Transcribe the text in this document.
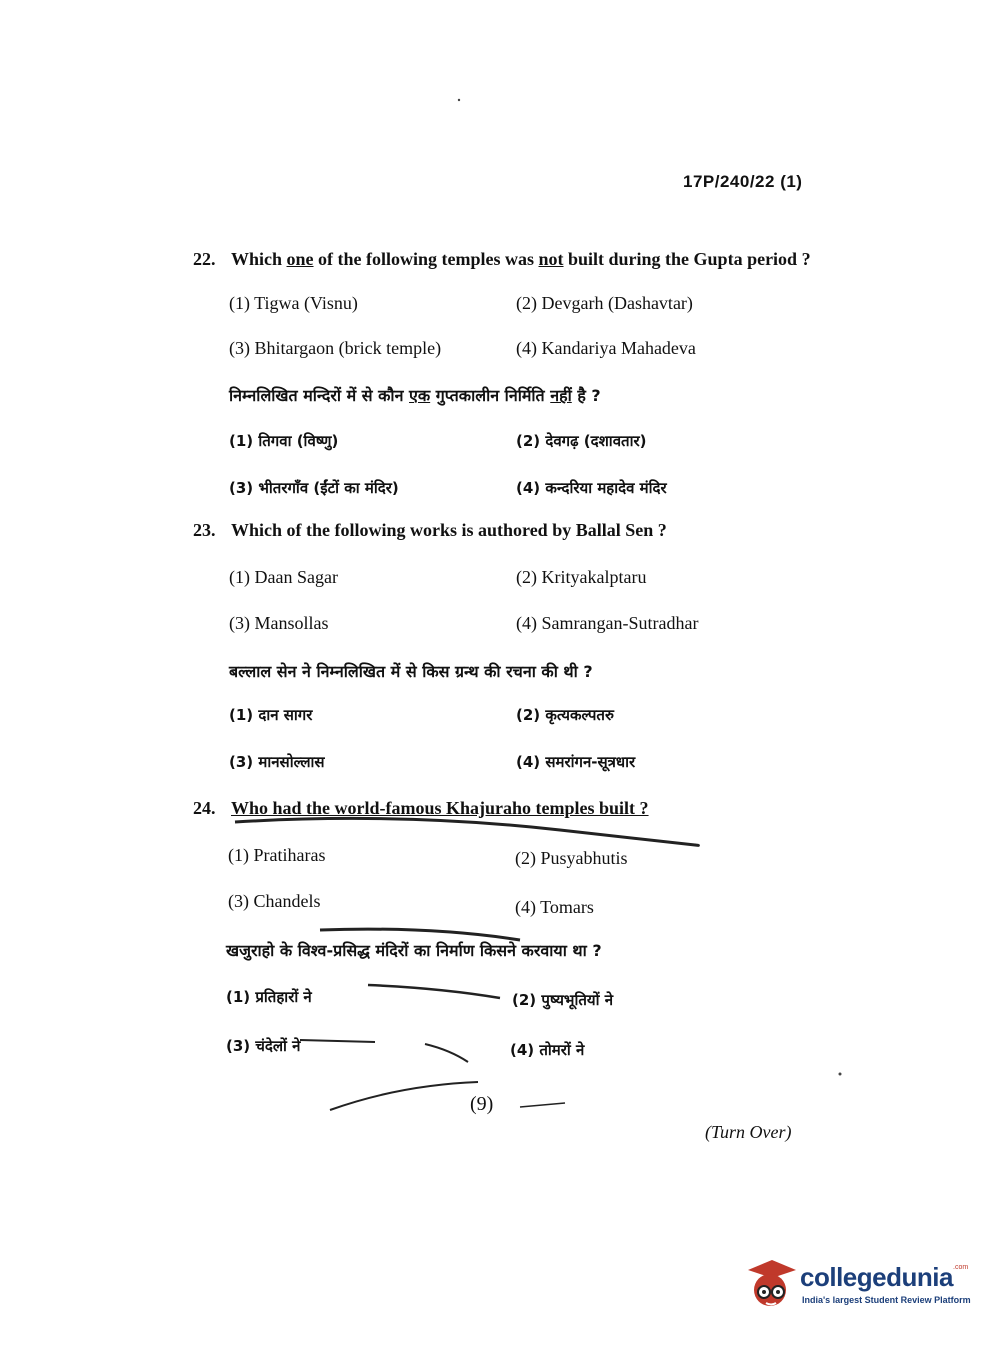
17P/240/22 (1)
22. Which one of the following temples was not built during the Gupta period ?
(1) Tigwa (Visnu)	(2) Devgarh (Dashavtar)
(3) Bhitargaon (brick temple)	(4) Kandariya Mahadeva
निम्नलिखित मन्दिरों में से कौन एक गुप्तकालीन निर्मिति नहीं है ?
(1) तिगवा (विष्णु)	(2) देवगढ़ (दशावतार)
(3) भीतरगाँव (ईंटों का मंदिर)	(4) कन्दरिया महादेव मंदिर
23. Which of the following works is authored by Ballal Sen ?
(1) Daan Sagar	(2) Krityakalptaru
(3) Mansollas	(4) Samrangan-Sutradhar
बल्लाल सेन ने निम्नलिखित में से किस ग्रन्थ की रचना की थी ?
(1) दान सागर	(2) कृत्यकल्पतरु
(3) मानसोल्लास	(4) समरांगन-सूत्रधार
24. Who had the world-famous Khajuraho temples built ?
(1) Pratiharas	(2) Pusyabhutis
(3) Chandels	(4) Tomars
खजुराहो के विश्व-प्रसिद्ध मंदिरों का निर्माण किसने करवाया था ?
(1) प्रतिहारों ने	(2) पुष्यभूतियों ने
(3) चंदेलों ने	(4) तोमरों ने
(9)
(Turn Over)
collegedunia .com
India's largest Student Review Platform
